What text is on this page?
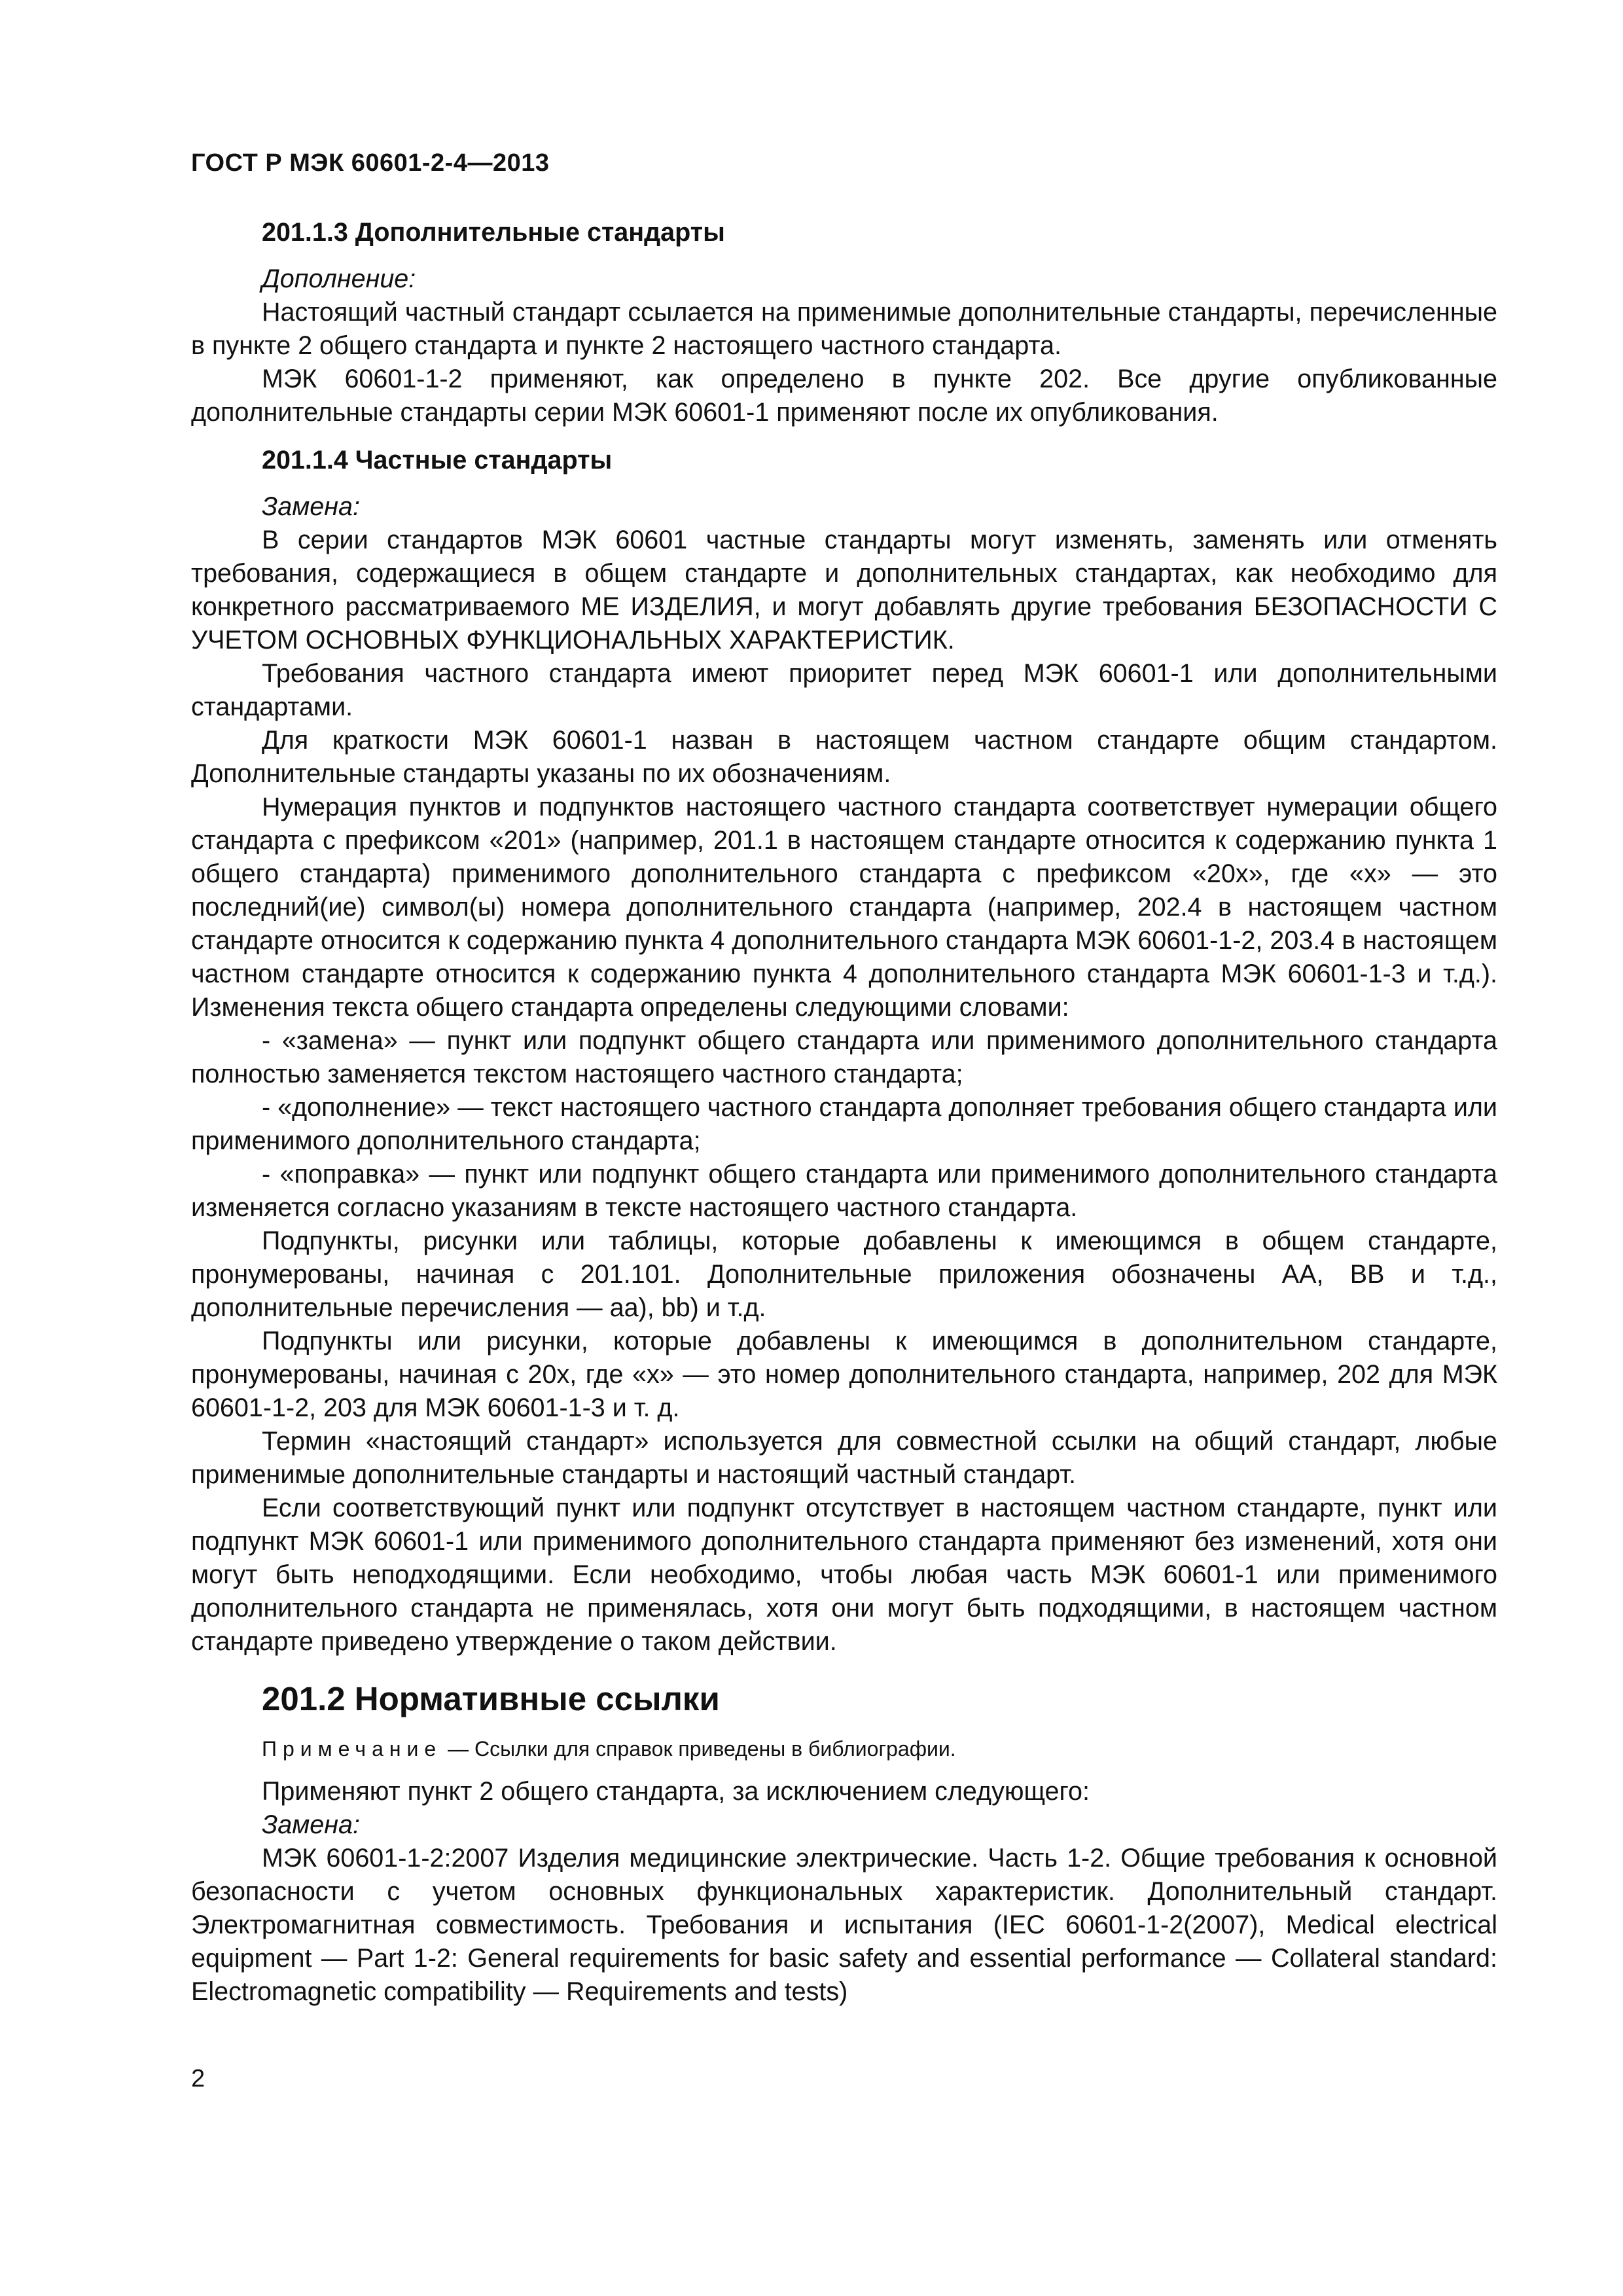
ГОСТ Р МЭК 60601-2-4—2013
201.1.3 Дополнительные стандарты
Дополнение:

Настоящий частный стандарт ссылается на применимые дополнительные стандарты, перечисленные в пункте 2 общего стандарта и пункте 2 настоящего частного стандарта.

МЭК 60601-1-2 применяют, как определено в пункте 202. Все другие опубликованные дополнительные стандарты серии МЭК 60601-1 применяют после их опубликования.

201.1.4 Частные стандарты
Замена:

В серии стандартов МЭК 60601 частные стандарты могут изменять, заменять или отменять требования, содержащиеся в общем стандарте и дополнительных стандартах, как необходимо для конкретного рассматриваемого МЕ ИЗДЕЛИЯ, и могут добавлять другие требования БЕЗОПАСНОСТИ С УЧЕТОМ ОСНОВНЫХ ФУНКЦИОНАЛЬНЫХ ХАРАКТЕРИСТИК.

Требования частного стандарта имеют приоритет перед МЭК 60601-1 или дополнительными стандартами.

Для краткости МЭК 60601-1 назван в настоящем частном стандарте общим стандартом. Дополнительные стандарты указаны по их обозначениям.

Нумерация пунктов и подпунктов настоящего частного стандарта соответствует нумерации общего стандарта с префиксом «201» (например, 201.1 в настоящем стандарте относится к содержанию пункта 1 общего стандарта) применимого дополнительного стандарта с префиксом «20x», где «x» — это последний(ие) символ(ы) номера дополнительного стандарта (например, 202.4 в настоящем частном стандарте относится к содержанию пункта 4 дополнительного стандарта МЭК 60601-1-2, 203.4 в настоящем частном стандарте относится к содержанию пункта 4 дополнительного стандарта МЭК 60601-1-3 и т.д.). Изменения текста общего стандарта определены следующими словами:

- «замена» — пункт или подпункт общего стандарта или применимого дополнительного стандарта полностью заменяется текстом настоящего частного стандарта;

- «дополнение» — текст настоящего частного стандарта дополняет требования общего стандарта или применимого дополнительного стандарта;

- «поправка» — пункт или подпункт общего стандарта или применимого дополнительного стандарта изменяется согласно указаниям в тексте настоящего частного стандарта.

Подпункты, рисунки или таблицы, которые добавлены к имеющимся в общем стандарте, пронумерованы, начиная с 201.101. Дополнительные приложения обозначены АА, ВВ и т.д., дополнительные перечисления — aa), bb) и т.д.

Подпункты или рисунки, которые добавлены к имеющимся в дополнительном стандарте, пронумерованы, начиная с 20x, где «x» — это номер дополнительного стандарта, например, 202 для МЭК 60601-1-2, 203 для МЭК 60601-1-3 и т. д.

Термин «настоящий стандарт» используется для совместной ссылки на общий стандарт, любые применимые дополнительные стандарты и настоящий частный стандарт.

Если соответствующий пункт или подпункт отсутствует в настоящем частном стандарте, пункт или подпункт МЭК 60601-1 или применимого дополнительного стандарта применяют без изменений, хотя они могут быть неподходящими. Если необходимо, чтобы любая часть МЭК 60601-1 или применимого дополнительного стандарта не применялась, хотя они могут быть подходящими, в настоящем частном стандарте приведено утверждение о таком действии.

201.2 Нормативные ссылки
Примечание — Ссылки для справок приведены в библиографии.

Применяют пункт 2 общего стандарта, за исключением следующего:

Замена:

МЭК 60601-1-2:2007 Изделия медицинские электрические. Часть 1-2. Общие требования к основной безопасности с учетом основных функциональных характеристик. Дополнительный стандарт. Электромагнитная совместимость. Требования и испытания (IEC 60601-1-2(2007), Medical electrical equipment — Part 1-2: General requirements for basic safety and essential performance — Collateral standard: Electromagnetic compatibility — Requirements and tests)

2
